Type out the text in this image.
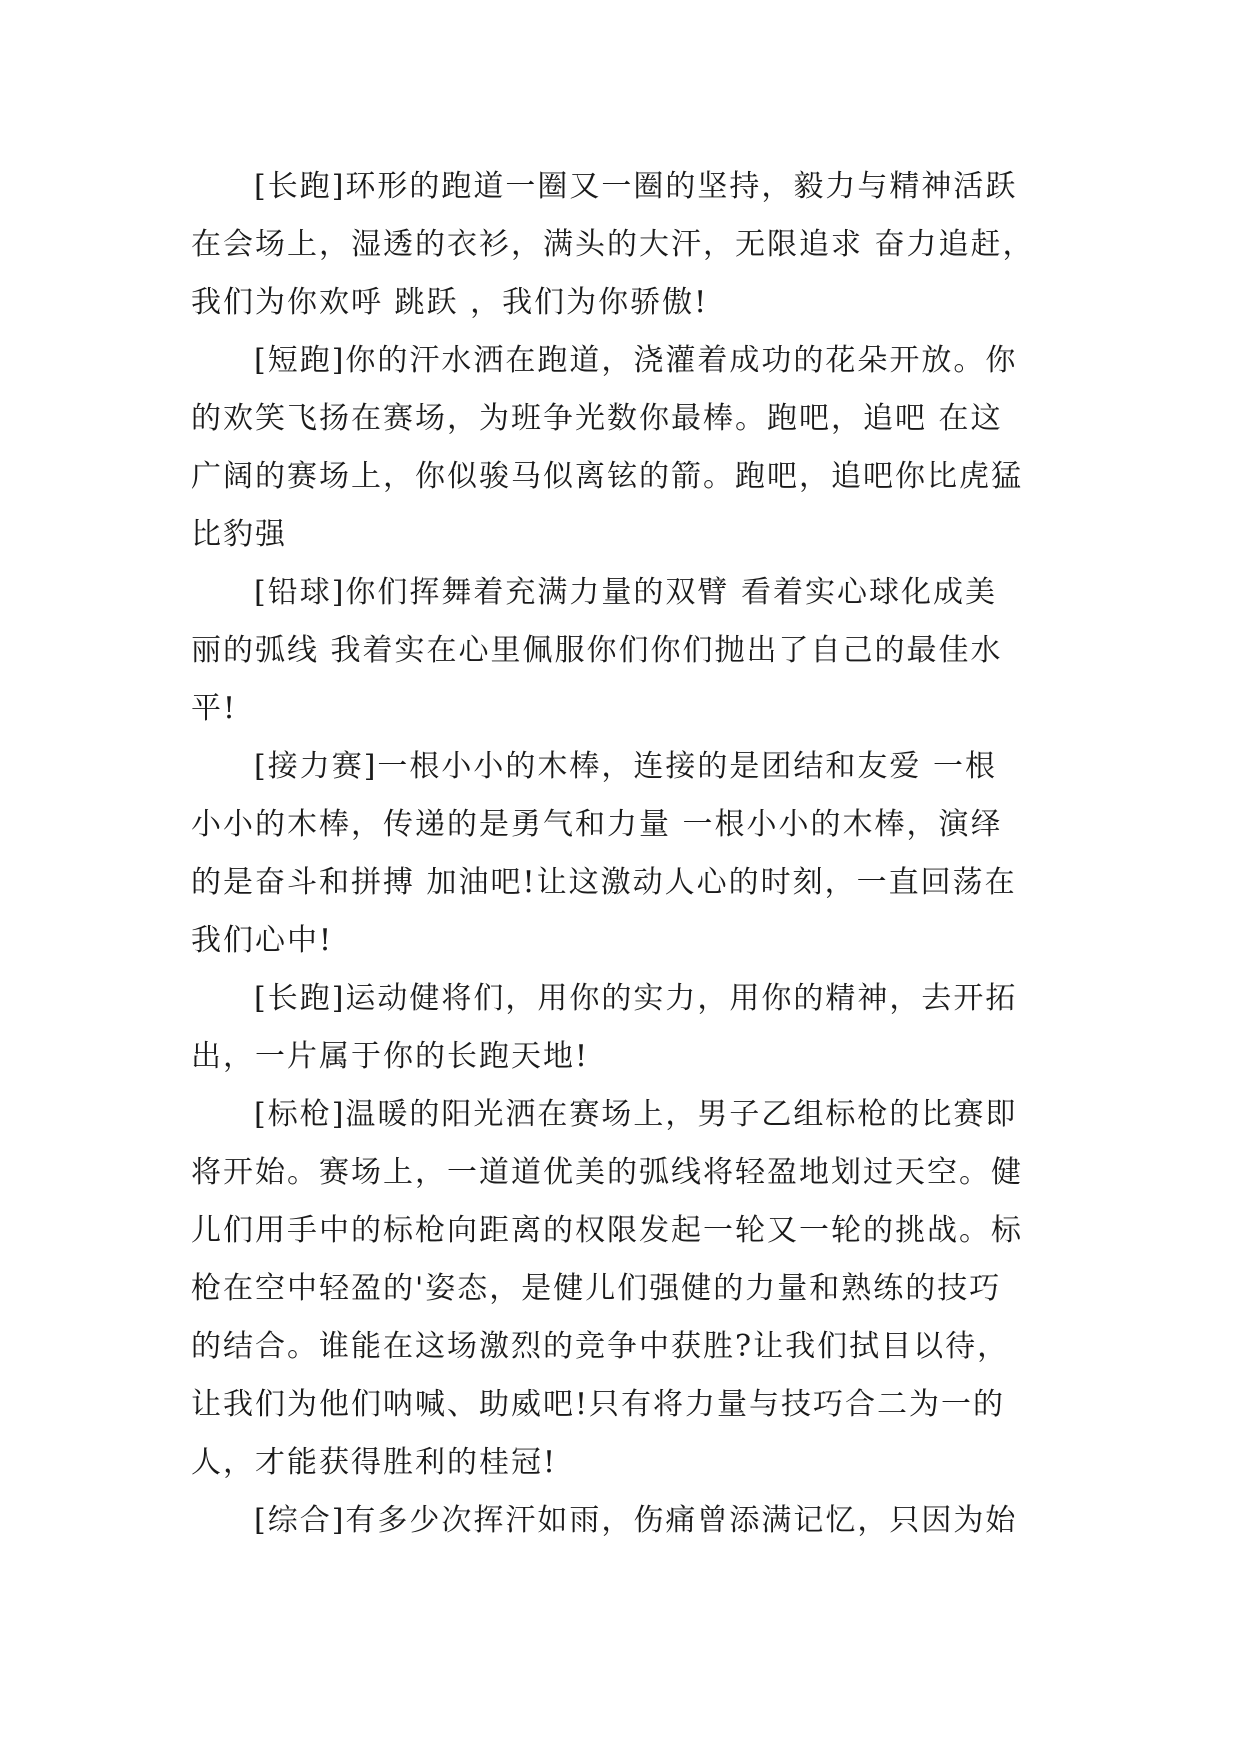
[长跑]环形的跑道一圈又一圈的坚持，毅力与精神活跃
在会场上，湿透的衣衫，满头的大汗，无限追求 奋力追赶，
我们为你欢呼 跳跃 ，我们为你骄傲!
[短跑]你的汗水洒在跑道，浇灌着成功的花朵开放。你
的欢笑飞扬在赛场，为班争光数你最棒。跑吧，追吧 在这
广阔的赛场上，你似骏马似离铉的箭。跑吧，追吧你比虎猛
比豹强
[铅球]你们挥舞着充满力量的双臂 看着实心球化成美
丽的弧线 我着实在心里佩服你们你们抛出了自己的最佳水
平!
[接力赛]一根小小的木棒，连接的是团结和友爱 一根
小小的木棒，传递的是勇气和力量 一根小小的木棒，演绎
的是奋斗和拼搏 加油吧!让这激动人心的时刻，一直回荡在
我们心中!
[长跑]运动健将们，用你的实力，用你的精神，去开拓
出，一片属于你的长跑天地!
[标枪]温暖的阳光洒在赛场上，男子乙组标枪的比赛即
将开始。赛场上，一道道优美的弧线将轻盈地划过天空。健
儿们用手中的标枪向距离的权限发起一轮又一轮的挑战。标
枪在空中轻盈的'姿态，是健儿们强健的力量和熟练的技巧
的结合。谁能在这场激烈的竞争中获胜?让我们拭目以待，
让我们为他们呐喊、助威吧!只有将力量与技巧合二为一的
人，才能获得胜利的桂冠!
[综合]有多少次挥汗如雨，伤痛曾添满记忆，只因为始
